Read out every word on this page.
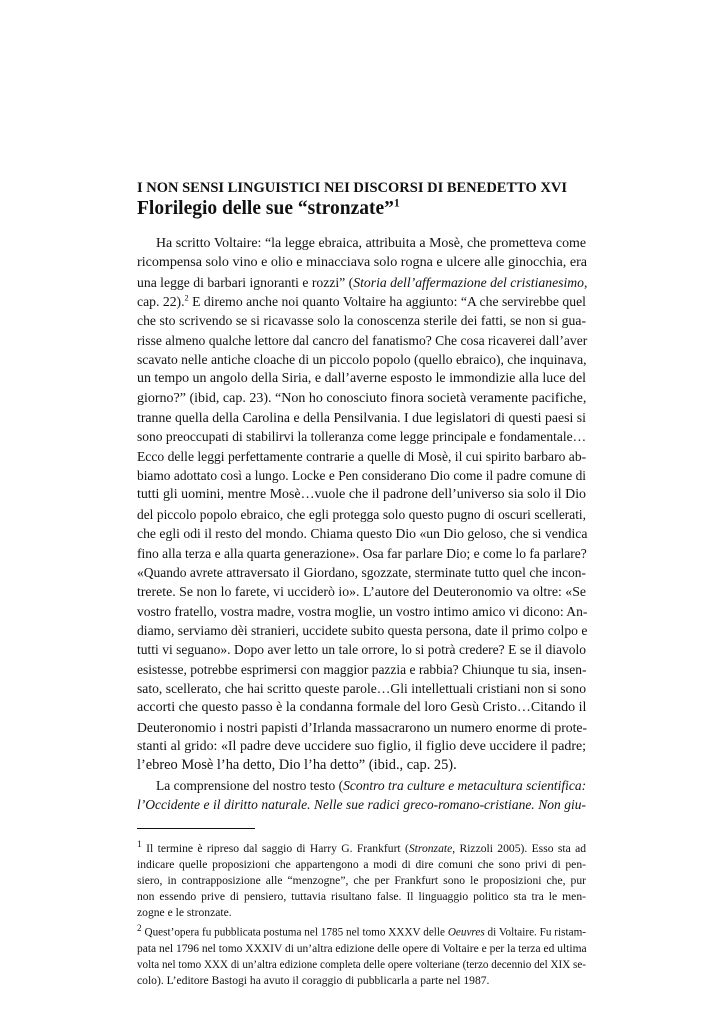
I NON SENSI LINGUISTICI NEI DISCORSI DI BENEDETTO XVI

Florilegio delle sue “stronzate”$^1$

Ha scritto Voltaire: “la legge ebraica, attribuita a Mosè, che prometteva come
ricompensa solo vino e olio e minacciava solo rogna e ulcere alle ginocchia, era
una legge di barbari ignoranti e rozzi” (Storia dell’affermazione del cristianesimo,
cap. 22).$^2$ E diremo anche noi quanto Voltaire ha aggiunto: “A che servirebbe quel
che sto scrivendo se si ricavasse solo la conoscenza sterile dei fatti, se non si gua-
risse almeno qualche lettore dal cancro del fanatismo? Che cosa ricaverei dall’aver
scavato nelle antiche cloache di un piccolo popolo (quello ebraico), che inquinava,
un tempo un angolo della Siria, e dall’averne esposto le immondizie alla luce del
giorno?” (ibid, cap. 23). “Non ho conosciuto finora società veramente pacifiche,
tranne quella della Carolina e della Pensilvania. I due legislatori di questi paesi si
sono preoccupati di stabilirvi la tolleranza come legge principale e fondamentale…
Ecco delle leggi perfettamente contrarie a quelle di Mosè, il cui spirito barbaro ab-
biamo adottato così a lungo. Locke e Pen considerano Dio come il padre comune di
tutti gli uomini, mentre Mosè…vuole che il padrone dell’universo sia solo il Dio
del piccolo popolo ebraico, che egli protegga solo questo pugno di oscuri scellerati,
che egli odi il resto del mondo. Chiama questo Dio «un Dio geloso, che si vendica
fino alla terza e alla quarta generazione». Osa far parlare Dio; e come lo fa parlare?
«Quando avrete attraversato il Giordano, sgozzate, sterminate tutto quel che incon-
trerete. Se non lo farete, vi ucciderò io». L’autore del Deuteronomio va oltre: «Se
vostro fratello, vostra madre, vostra moglie, un vostro intimo amico vi dicono: An-
diamo, serviamo dèi stranieri, uccidete subito questa persona, date il primo colpo e
tutti vi seguano». Dopo aver letto un tale orrore, lo si potrà credere? E se il diavolo
esistesse, potrebbe esprimersi con maggior pazzia e rabbia? Chiunque tu sia, insen-
sato, scellerato, che hai scritto queste parole…Gli intellettuali cristiani non si sono
accorti che questo passo è la condanna formale del loro Gesù Cristo…Citando il
Deuteronomio i nostri papisti d’Irlanda massacrarono un numero enorme di prote-
stanti al grido: «Il padre deve uccidere suo figlio, il figlio deve uccidere il padre;
l’ebreo Mosè l’ha detto, Dio l’ha detto” (ibid., cap. 25).
La comprensione del nostro testo (Scontro tra culture e metacultura scientifica:
l’Occidente e il diritto naturale. Nelle sue radici greco-romano-cristiane. Non giu-
$^1$ Il termine è ripreso dal saggio di Harry G. Frankfurt (Stronzate, Rizzoli 2005). Esso sta ad
indicare quelle proposizioni che appartengono a modi di dire comuni che sono privi di pen-
siero, in contrapposizione alle “menzogne”, che per Frankfurt sono le proposizioni che, pur
non essendo prive di pensiero, tuttavia risultano false. Il linguaggio politico sta tra le men-
zogne e le stronzate.
$^2$ Quest’opera fu pubblicata postuma nel 1785 nel tomo XXXV delle Oeuvres di Voltaire. Fu ristam-
pata nel 1796 nel tomo XXXIV di un’altra edizione delle opere di Voltaire e per la terza ed ultima
volta nel tomo XXX di un’altra edizione completa delle opere volteriane (terzo decennio del XIX se-
colo). L’editore Bastogi ha avuto il coraggio di pubblicarla a parte nel 1987.
